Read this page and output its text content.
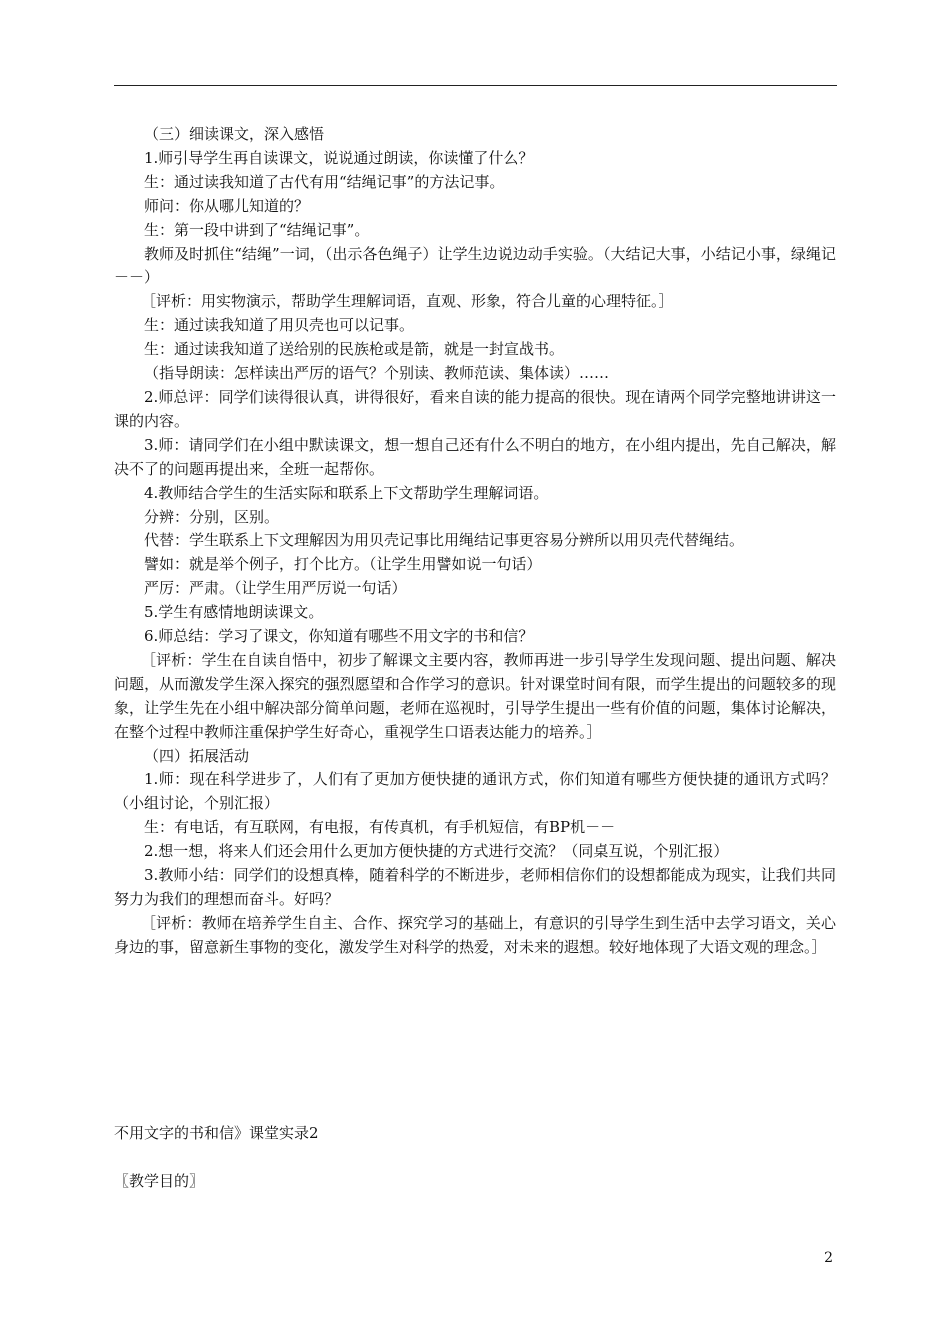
（三）细读课文，深入感悟

1.师引导学生再自读课文，说说通过朗读，你读懂了什么？

生：通过读我知道了古代有用“结绳记事”的方法记事。

师问：你从哪儿知道的？

生：第一段中讲到了“结绳记事”。

教师及时抓住“结绳”一词，（出示各色绳子）让学生边说边动手实验。（大结记大事，小结记小事，绿绳记－－）

［评析：用实物演示，帮助学生理解词语，直观、形象，符合儿童的心理特征。］

生：通过读我知道了用贝壳也可以记事。

生：通过读我知道了送给别的民族枪或是箭，就是一封宣战书。

（指导朗读：怎样读出严厉的语气？个别读、教师范读、集体读）……

2.师总评：同学们读得很认真，讲得很好，看来自读的能力提高的很快。现在请两个同学完整地讲讲这一课的内容。

3.师：请同学们在小组中默读课文，想一想自己还有什么不明白的地方，在小组内提出，先自己解决，解决不了的问题再提出来，全班一起帮你。

4.教师结合学生的生活实际和联系上下文帮助学生理解词语。

分辨：分别，区别。

代替：学生联系上下文理解因为用贝壳记事比用绳结记事更容易分辨所以用贝壳代替绳结。

譬如：就是举个例子，打个比方。（让学生用譬如说一句话）

严厉：严肃。（让学生用严厉说一句话）

5.学生有感情地朗读课文。

6.师总结：学习了课文，你知道有哪些不用文字的书和信？

［评析：学生在自读自悟中，初步了解课文主要内容，教师再进一步引导学生发现问题、提出问题、解决问题，从而激发学生深入探究的强烈愿望和合作学习的意识。针对课堂时间有限，而学生提出的问题较多的现象，让学生先在小组中解决部分简单问题，老师在巡视时，引导学生提出一些有价值的问题，集体讨论解决，在整个过程中教师注重保护学生好奇心，重视学生口语表达能力的培养。］

（四）拓展活动

1.师：现在科学进步了，人们有了更加方便快捷的通讯方式，你们知道有哪些方便快捷的通讯方式吗？（小组讨论，个别汇报）

生：有电话，有互联网，有电报，有传真机，有手机短信，有BP机－－

2.想一想，将来人们还会用什么更加方便快捷的方式进行交流？（同桌互说，个别汇报）

3.教师小结：同学们的设想真棒，随着科学的不断进步，老师相信你们的设想都能成为现实，让我们共同努力为我们的理想而奋斗。好吗？

［评析：教师在培养学生自主、合作、探究学习的基础上，有意识的引导学生到生活中去学习语文，关心身边的事，留意新生事物的变化，激发学生对科学的热爱，对未来的遐想。较好地体现了大语文观的理念。］

不用文字的书和信》课堂实录2

〖教学目的〗

2
